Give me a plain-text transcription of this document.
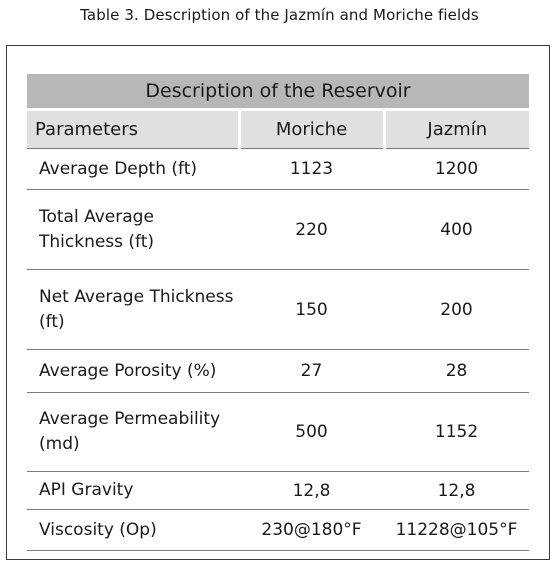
Table 3. Description of the Jazmín and Moriche fields
Description of the Reservoir		
Parameters	Moriche	Jazmín
Average Depth (ft)	1123	1200
Total Average Thickness (ft)	220	400
Net Average Thickness (ft)	150	200
Average Porosity (%)	27	28
Average Permeability (md)	500	1152
API Gravity	12,8	12,8
Viscosity (Op)	230@180°F	11228@105°F
